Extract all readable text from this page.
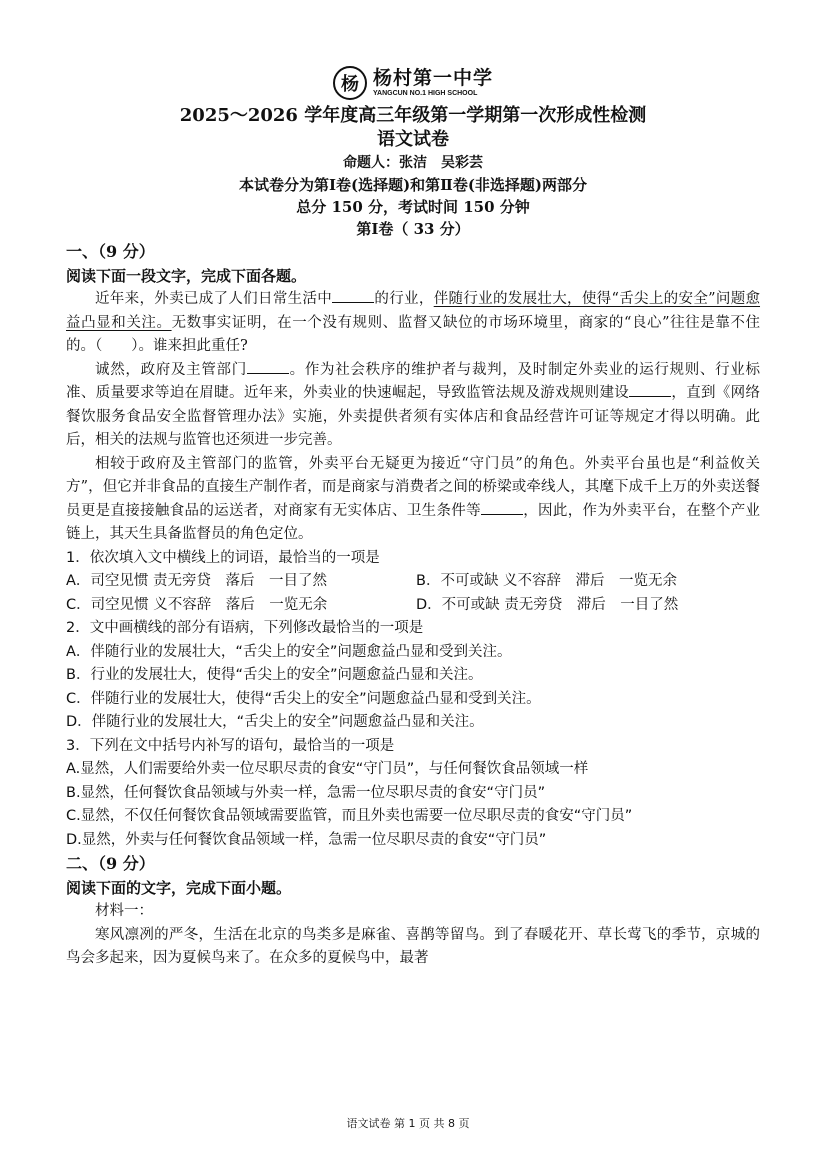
杨 杨村第一中学
YANGCUN NO.1 HIGH SCHOOL
2025～2026 学年度高三年级第一学期第一次形成性检测
语文试卷
命题人：张洁　吴彩芸
本试卷分为第Ⅰ卷(选择题)和第Ⅱ卷(非选择题)两部分
总分 150 分，考试时间 150 分钟
第Ⅰ卷（ 33 分）
一、（9 分）
阅读下面一段文字，完成下面各题。

近年来，外卖已成了人们日常生活中	的行业，伴随行业的发展壮大，使得“舌尖上的安全”问题愈益凸显和关注。无数事实证明，在一个没有规则、监督又缺位的市场环境里，商家的“良心”往往是靠不住的。（　　）。谁来担此重任?

诚然，政府及主管部门	。作为社会秩序的维护者与裁判，及时制定外卖业的运行规则、行业标准、质量要求等迫在眉睫。近年来，外卖业的快速崛起，导致监管法规及游戏规则建设	，直到《网络餐饮服务食品安全监督管理办法》实施，外卖提供者须有实体店和食品经营许可证等规定才得以明确。此后，相关的法规与监管也还须进一步完善。

相较于政府及主管部门的监管，外卖平台无疑更为接近“守门员”的角色。外卖平台虽也是“利益攸关方”，但它并非食品的直接生产制作者，而是商家与消费者之间的桥梁或牵线人，其麾下成千上万的外卖送餐员更是直接接触食品的运送者，对商家有无实体店、卫生条件等	，因此，作为外卖平台，在整个产业链上，其天生具备监督员的角色定位。

1．依次填入文中横线上的词语，最恰当的一项是

A．司空见惯 责无旁贷　落后　一目了然	B．不可或缺 义不容辞　滞后　一览无余
C．司空见惯 义不容辞　落后　一览无余	D．不可或缺 责无旁贷　滞后　一目了然

2．文中画横线的部分有语病，下列修改最恰当的一项是

A．伴随行业的发展壮大，“舌尖上的安全”问题愈益凸显和受到关注。

B．行业的发展壮大，使得“舌尖上的安全”问题愈益凸显和关注。

C．伴随行业的发展壮大，使得“舌尖上的安全”问题愈益凸显和受到关注。

D．伴随行业的发展壮大，“舌尖上的安全”问题愈益凸显和关注。

3．下列在文中括号内补写的语句，最恰当的一项是

A.显然，人们需要给外卖一位尽职尽责的食安“守门员”，与任何餐饮食品领域一样

B.显然，任何餐饮食品领域与外卖一样，急需一位尽职尽责的食安“守门员”

C.显然，不仅任何餐饮食品领域需要监管，而且外卖也需要一位尽职尽责的食安“守门员”

D.显然，外卖与任何餐饮食品领域一样，急需一位尽职尽责的食安“守门员”

二、（9 分）
阅读下面的文字，完成下面小题。

材料一：

寒风凛冽的严冬，生活在北京的鸟类多是麻雀、喜鹊等留鸟。到了春暖花开、草长莺飞的季节，京城的鸟会多起来，因为夏候鸟来了。在众多的夏候鸟中，最著

语文试卷 第 1 页 共 8 页
